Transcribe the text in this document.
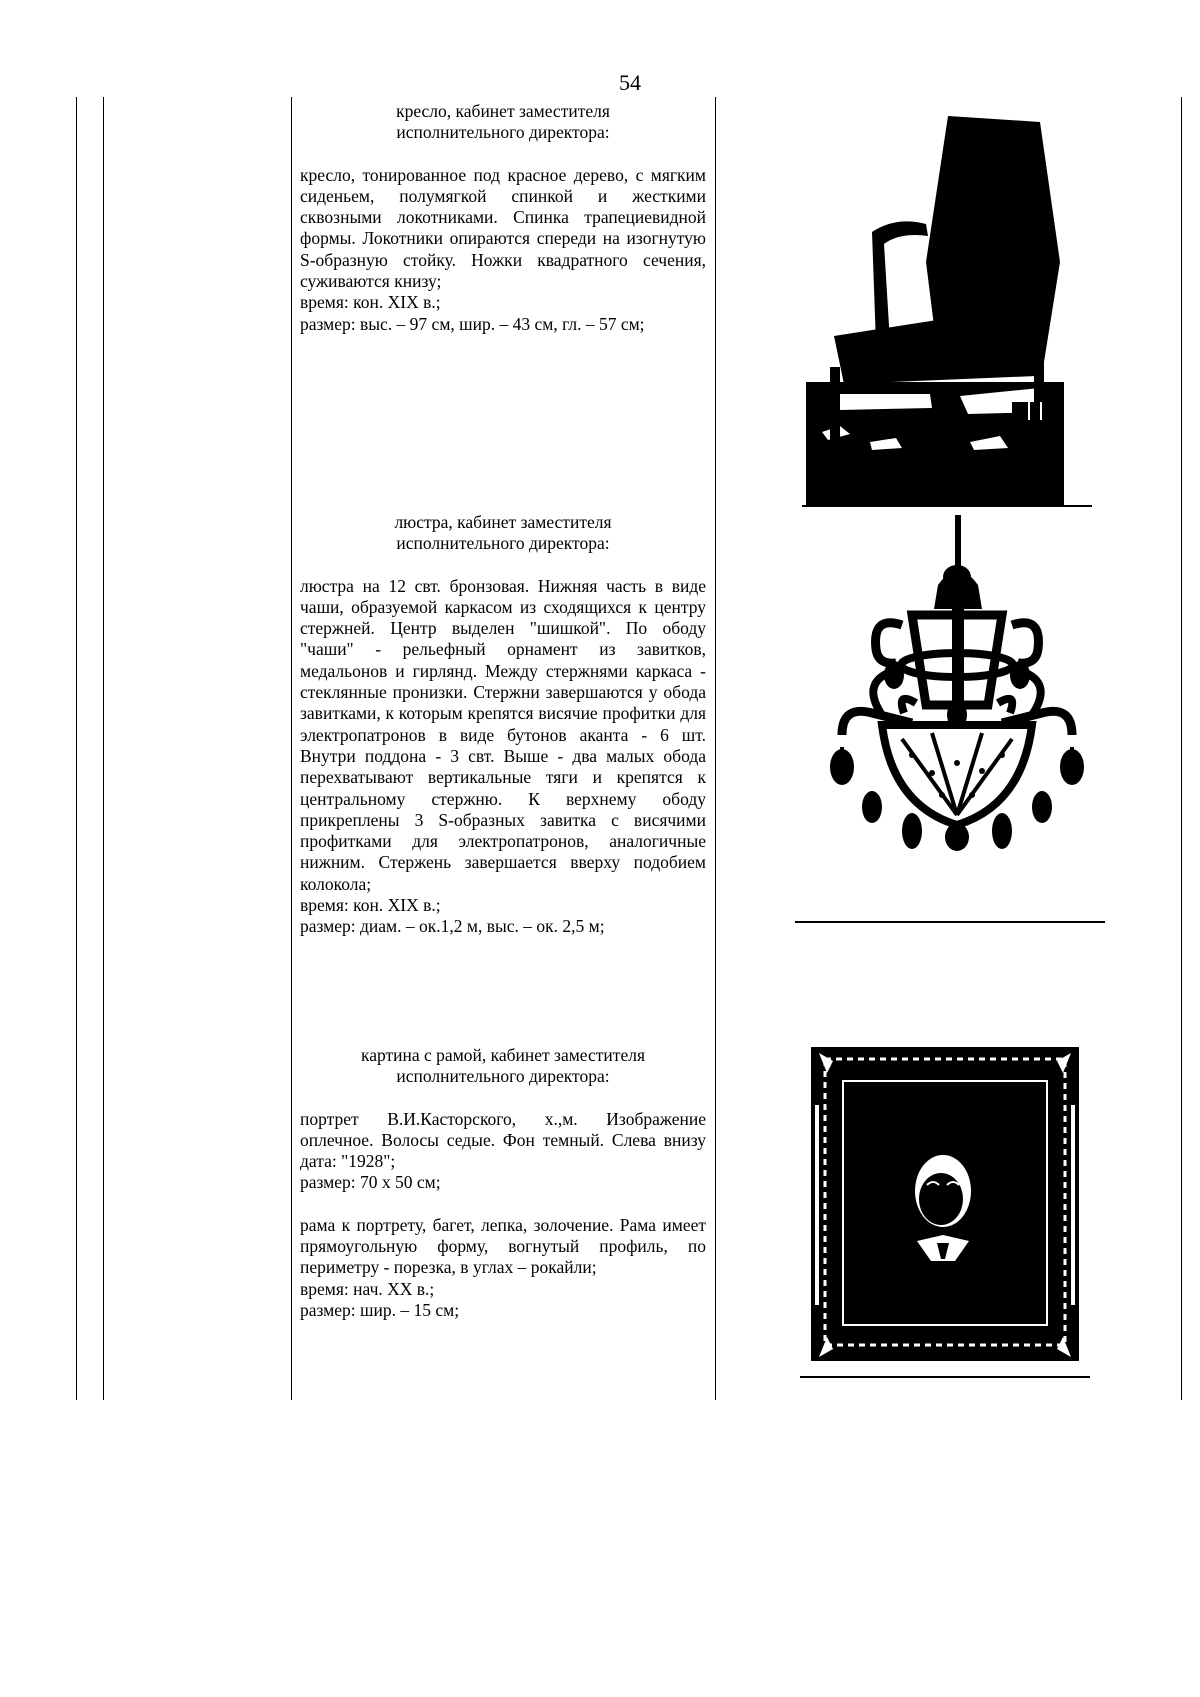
54

кресло, кабинет заместителя исполнительного директора:

кресло, тонированное под красное дерево, с мягким сиденьем, полумягкой спинкой и жесткими сквозными локотниками. Спинка трапециевидной формы. Локотники опираются спереди на изогнутую S-образную стойку. Ножки квадратного сечения, суживаются книзу;

время: кон. XIX в.;

размер: выс. – 97 см, шир. – 43 см, гл. – 57 см;

люстра, кабинет заместителя исполнительного директора:

люстра на 12 свт. бронзовая. Нижняя часть в виде чаши, образуемой каркасом из сходящихся к центру стержней. Центр выделен "шишкой". По ободу "чаши" - рельефный орнамент из завитков, медальонов и гирлянд. Между стержнями каркаса - стеклянные пронизки. Стержни завершаются у обода завитками, к которым крепятся висячие профитки для электропатронов в виде бутонов аканта - 6 шт. Внутри поддона - 3 свт. Выше - два малых обода перехватывают вертикальные тяги и крепятся к центральному стержню. К верхнему ободу прикреплены 3 S-образных завитка с висячими профитками для электропатронов, аналогичные нижним. Стержень завершается вверху подобием колокола;

время: кон. XIX в.;

размер: диам. – ок.1,2 м, выс. – ок. 2,5 м;

картина с рамой, кабинет заместителя исполнительного директора:

портрет В.И.Касторского, х.,м. Изображение оплечное. Волосы седые. Фон темный. Слева внизу дата: "1928";

размер: 70 х 50 см;

рама к портрету, багет, лепка, золочение. Рама имеет прямоугольную форму, вогнутый профиль, по периметру - порезка, в углах – рокайли;

время: нач. XX в.;

размер: шир. – 15 см;
